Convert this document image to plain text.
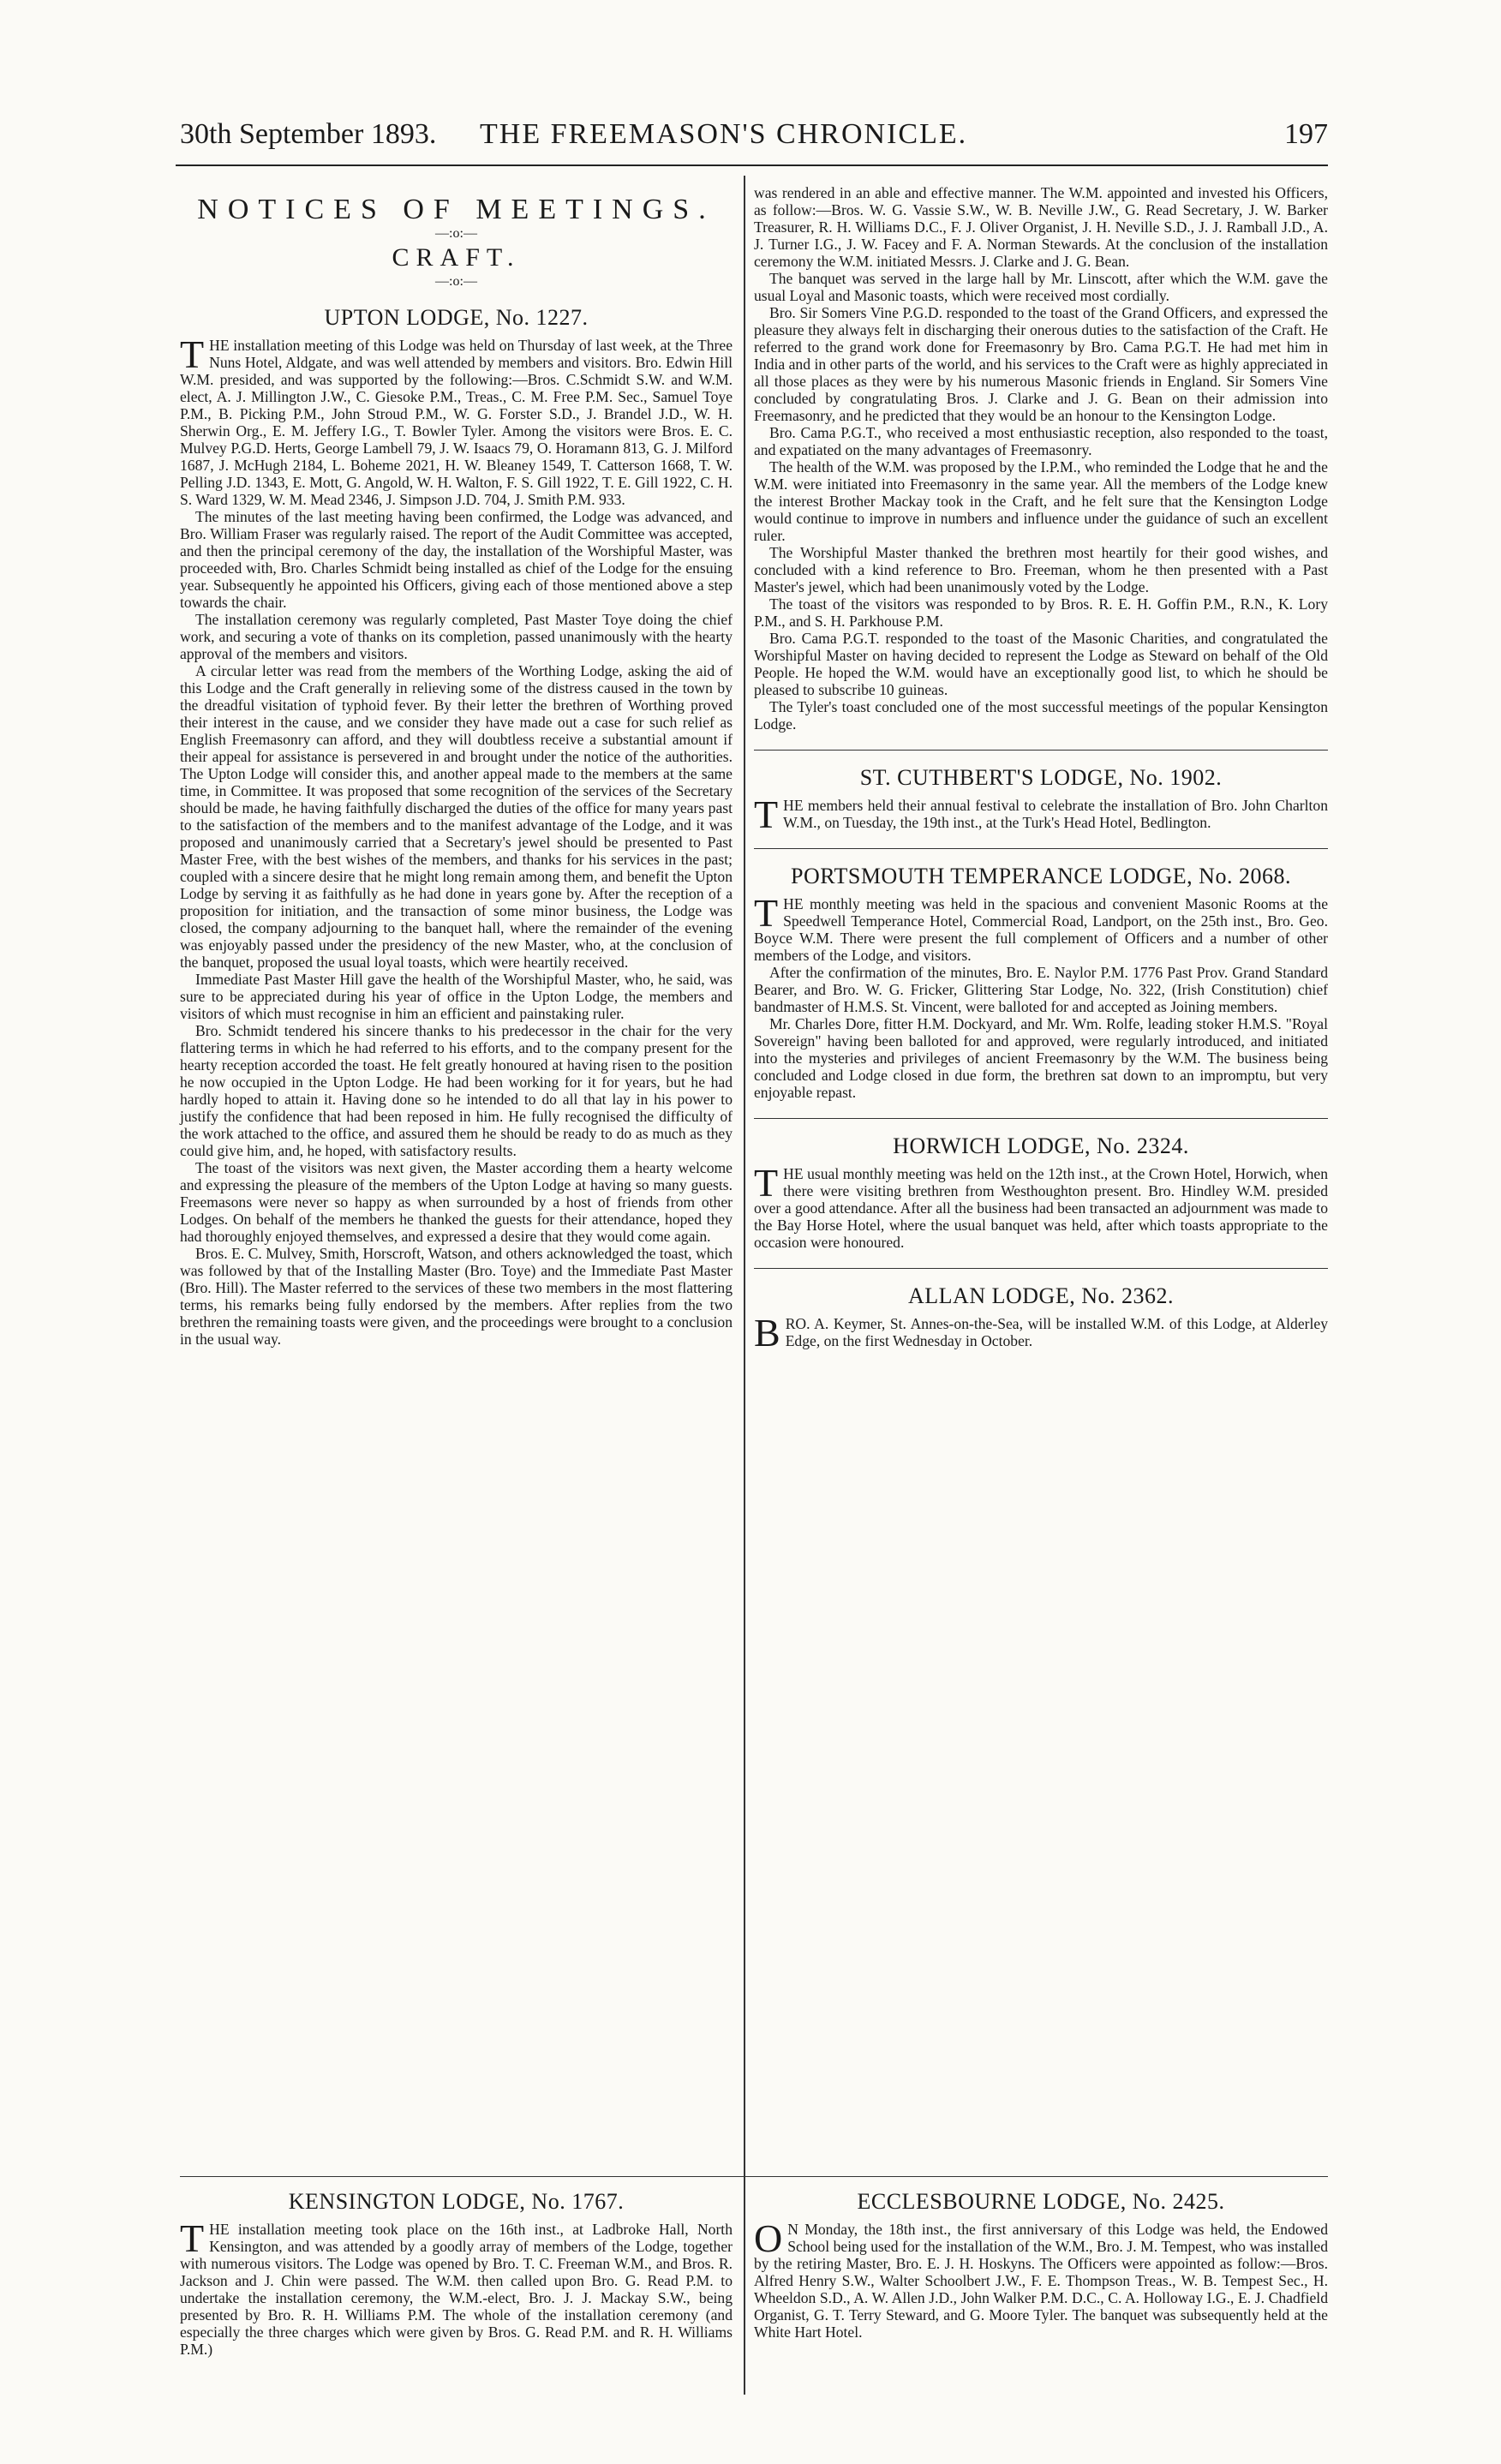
30th September 1893. THE FREEMASON'S CHRONICLE.	197
NOTICES OF MEETINGS.
—:o:—
CRAFT.
—:o:—
UPTON LODGE, No. 1227.

THE installation meeting of this Lodge was held on Thursday of last week, at the Three Nuns Hotel, Aldgate, and was well attended by members and visitors. Bro. Edwin Hill W.M. presided, and was supported by the following:—Bros. C.Schmidt S.W. and W.M. elect, A. J. Millington J.W., C. Giesoke P.M., Treas., C. M. Free P.M. Sec., Samuel Toye P.M., B. Picking P.M., John Stroud P.M., W. G. Forster S.D., J. Brandel J.D., W. H. Sherwin Org., E. M. Jeffery I.G., T. Bowler Tyler. Among the visitors were Bros. E. C. Mulvey P.G.D. Herts, George Lambell 79, J. W. Isaacs 79, O. Horamann 813, G. J. Milford 1687, J. McHugh 2184, L. Boheme 2021, H. W. Bleaney 1549, T. Catterson 1668, T. W. Pelling J.D. 1343, E. Mott, G. Angold, W. H. Walton, F. S. Gill 1922, T. E. Gill 1922, C. H. S. Ward 1329, W. M. Mead 2346, J. Simpson J.D. 704, J. Smith P.M. 933.

The minutes of the last meeting having been confirmed, the Lodge was advanced, and Bro. William Fraser was regularly raised. The report of the Audit Committee was accepted, and then the principal ceremony of the day, the installation of the Worshipful Master, was proceeded with, Bro. Charles Schmidt being installed as chief of the Lodge for the ensuing year. Subsequently he appointed his Officers, giving each of those mentioned above a step towards the chair.

The installation ceremony was regularly completed, Past Master Toye doing the chief work, and securing a vote of thanks on its completion, passed unanimously with the hearty approval of the members and visitors.

A circular letter was read from the members of the Worthing Lodge, asking the aid of this Lodge and the Craft generally in relieving some of the distress caused in the town by the dreadful visitation of typhoid fever. By their letter the brethren of Worthing proved their interest in the cause, and we consider they have made out a case for such relief as English Freemasonry can afford, and they will doubtless receive a substantial amount if their appeal for assistance is persevered in and brought under the notice of the authorities. The Upton Lodge will consider this, and another appeal made to the members at the same time, in Committee. It was proposed that some recognition of the services of the Secretary should be made, he having faithfully discharged the duties of the office for many years past to the satisfaction of the members and to the manifest advantage of the Lodge, and it was proposed and unanimously carried that a Secretary's jewel should be presented to Past Master Free, with the best wishes of the members, and thanks for his services in the past; coupled with a sincere desire that he might long remain among them, and benefit the Upton Lodge by serving it as faithfully as he had done in years gone by. After the reception of a proposition for initiation, and the transaction of some minor business, the Lodge was closed, the company adjourning to the banquet hall, where the remainder of the evening was enjoyably passed under the presidency of the new Master, who, at the conclusion of the banquet, proposed the usual loyal toasts, which were heartily received.

Immediate Past Master Hill gave the health of the Worshipful Master, who, he said, was sure to be appreciated during his year of office in the Upton Lodge, the members and visitors of which must recognise in him an efficient and painstaking ruler.

Bro. Schmidt tendered his sincere thanks to his predecessor in the chair for the very flattering terms in which he had referred to his efforts, and to the company present for the hearty reception accorded the toast. He felt greatly honoured at having risen to the position he now occupied in the Upton Lodge. He had been working for it for years, but he had hardly hoped to attain it. Having done so he intended to do all that lay in his power to justify the confidence that had been reposed in him. He fully recognised the difficulty of the work attached to the office, and assured them he should be ready to do as much as they could give him, and, he hoped, with satisfactory results.

The toast of the visitors was next given, the Master according them a hearty welcome and expressing the pleasure of the members of the Upton Lodge at having so many guests. Freemasons were never so happy as when surrounded by a host of friends from other Lodges. On behalf of the members he thanked the guests for their attendance, hoped they had thoroughly enjoyed themselves, and expressed a desire that they would come again.

Bros. E. C. Mulvey, Smith, Horscroft, Watson, and others acknowledged the toast, which was followed by that of the Installing Master (Bro. Toye) and the Immediate Past Master (Bro. Hill). The Master referred to the services of these two members in the most flattering terms, his remarks being fully endorsed by the members. After replies from the two brethren the remaining toasts were given, and the proceedings were brought to a conclusion in the usual way.

was rendered in an able and effective manner. The W.M. appointed and invested his Officers, as follow:—Bros. W. G. Vassie S.W., W. B. Neville J.W., G. Read Secretary, J. W. Barker Treasurer, R. H. Williams D.C., F. J. Oliver Organist, J. H. Neville S.D., J. J. Ramball J.D., A. J. Turner I.G., J. W. Facey and F. A. Norman Stewards. At the conclusion of the installation ceremony the W.M. initiated Messrs. J. Clarke and J. G. Bean.

The banquet was served in the large hall by Mr. Linscott, after which the W.M. gave the usual Loyal and Masonic toasts, which were received most cordially.

Bro. Sir Somers Vine P.G.D. responded to the toast of the Grand Officers, and expressed the pleasure they always felt in discharging their onerous duties to the satisfaction of the Craft. He referred to the grand work done for Freemasonry by Bro. Cama P.G.T. He had met him in India and in other parts of the world, and his services to the Craft were as highly appreciated in all those places as they were by his numerous Masonic friends in England. Sir Somers Vine concluded by congratulating Bros. J. Clarke and J. G. Bean on their admission into Freemasonry, and he predicted that they would be an honour to the Kensington Lodge.

Bro. Cama P.G.T., who received a most enthusiastic reception, also responded to the toast, and expatiated on the many advantages of Freemasonry.

The health of the W.M. was proposed by the I.P.M., who reminded the Lodge that he and the W.M. were initiated into Freemasonry in the same year. All the members of the Lodge knew the interest Brother Mackay took in the Craft, and he felt sure that the Kensington Lodge would continue to improve in numbers and influence under the guidance of such an excellent ruler.

The Worshipful Master thanked the brethren most heartily for their good wishes, and concluded with a kind reference to Bro. Freeman, whom he then presented with a Past Master's jewel, which had been unanimously voted by the Lodge.

The toast of the visitors was responded to by Bros. R. E. H. Goffin P.M., R.N., K. Lory P.M., and S. H. Parkhouse P.M.

Bro. Cama P.G.T. responded to the toast of the Masonic Charities, and congratulated the Worshipful Master on having decided to represent the Lodge as Steward on behalf of the Old People. He hoped the W.M. would have an exceptionally good list, to which he should be pleased to subscribe 10 guineas.

The Tyler's toast concluded one of the most successful meetings of the popular Kensington Lodge.

ST. CUTHBERT'S LODGE, No. 1902.

THE members held their annual festival to celebrate the installation of Bro. John Charlton W.M., on Tuesday, the 19th inst., at the Turk's Head Hotel, Bedlington.

PORTSMOUTH TEMPERANCE LODGE, No. 2068.

THE monthly meeting was held in the spacious and convenient Masonic Rooms at the Speedwell Temperance Hotel, Commercial Road, Landport, on the 25th inst., Bro. Geo. Boyce W.M. There were present the full complement of Officers and a number of other members of the Lodge, and visitors.

After the confirmation of the minutes, Bro. E. Naylor P.M. 1776 Past Prov. Grand Standard Bearer, and Bro. W. G. Fricker, Glittering Star Lodge, No. 322, (Irish Constitution) chief bandmaster of H.M.S. St. Vincent, were balloted for and accepted as Joining members.

Mr. Charles Dore, fitter H.M. Dockyard, and Mr. Wm. Rolfe, leading stoker H.M.S. "Royal Sovereign" having been balloted for and approved, were regularly introduced, and initiated into the mysteries and privileges of ancient Freemasonry by the W.M. The business being concluded and Lodge closed in due form, the brethren sat down to an impromptu, but very enjoyable repast.

HORWICH LODGE, No. 2324.

THE usual monthly meeting was held on the 12th inst., at the Crown Hotel, Horwich, when there were visiting brethren from Westhoughton present. Bro. Hindley W.M. presided over a good attendance. After all the business had been transacted an adjournment was made to the Bay Horse Hotel, where the usual banquet was held, after which toasts appropriate to the occasion were honoured.

ALLAN LODGE, No. 2362.

BRO. A. Keymer, St. Annes-on-the-Sea, will be installed W.M. of this Lodge, at Alderley Edge, on the first Wednesday in October.

KENSINGTON LODGE, No. 1767.

THE installation meeting took place on the 16th inst., at Ladbroke Hall, North Kensington, and was attended by a goodly array of members of the Lodge, together with numerous visitors. The Lodge was opened by Bro. T. C. Freeman W.M., and Bros. R. Jackson and J. Chin were passed. The W.M. then called upon Bro. G. Read P.M. to undertake the installation ceremony, the W.M.-elect, Bro. J. J. Mackay S.W., being presented by Bro. R. H. Williams P.M. The whole of the installation ceremony (and especially the three charges which were given by Bros. G. Read P.M. and R. H. Williams P.M.)

ECCLESBOURNE LODGE, No. 2425.

O N Monday, the 18th inst., the first anniversary of this Lodge was held, the Endowed School being used for the installation of the W.M., Bro. J. M. Tempest, who was installed by the retiring Master, Bro. E. J. H. Hoskyns. The Officers were appointed as follow:—Bros. Alfred Henry S.W., Walter Schoolbert J.W., F. E. Thompson Treas., W. B. Tempest Sec., H. Wheeldon S.D., A. W. Allen J.D., John Walker P.M. D.C., C. A. Holloway I.G., E. J. Chadfield Organist, G. T. Terry Steward, and G. Moore Tyler. The banquet was subsequently held at the White Hart Hotel.
